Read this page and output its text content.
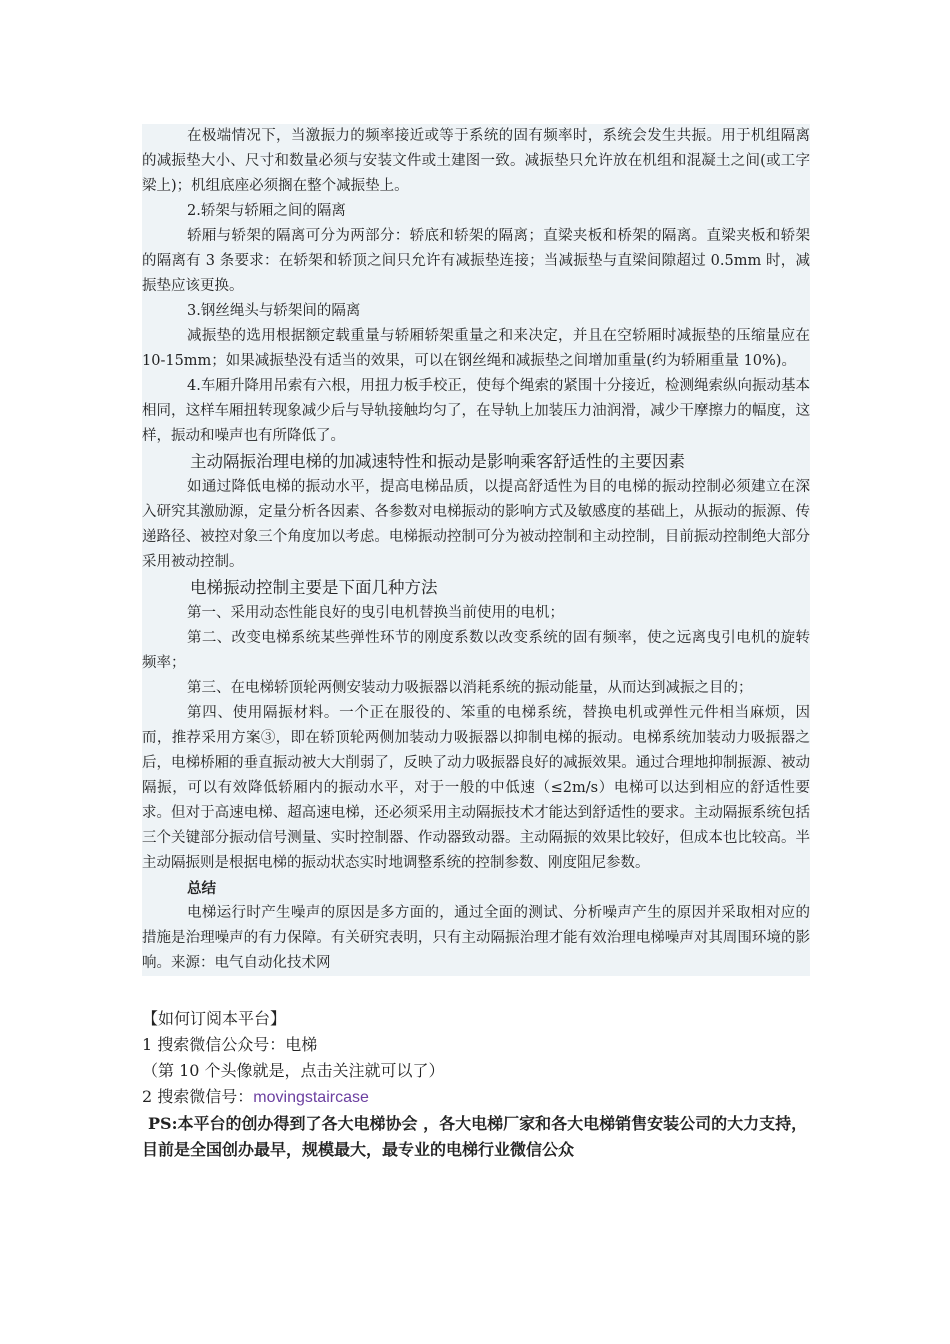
在极端情况下，当激振力的频率接近或等于系统的固有频率时，系统会发生共振。用于机组隔离的减振垫大小、尺寸和数量必须与安装文件或土建图一致。减振垫只允许放在机组和混凝土之间(或工字梁上)；机组底座必须搁在整个减振垫上。

2.轿架与轿厢之间的隔离

轿厢与轿架的隔离可分为两部分：轿底和轿架的隔离；直梁夹板和桥架的隔离。直梁夹板和轿架的隔离有 3 条要求：在轿架和轿顶之间只允许有减振垫连接；当减振垫与直梁间隙超过 0.5mm 时，减振垫应该更换。

3.钢丝绳头与轿架间的隔离

减振垫的选用根据额定载重量与轿厢轿架重量之和来决定，并且在空轿厢时减振垫的压缩量应在 10-15mm；如果减振垫没有适当的效果，可以在钢丝绳和减振垫之间增加重量(约为轿厢重量 10%)。

4.车厢升降用吊索有六根，用扭力板手校正，使每个绳索的紧围十分接近，检测绳索纵向振动基本相同，这样车厢扭转现象减少后与导轨接触均匀了，在导轨上加装压力油润滑，减少干摩擦力的幅度，这样，振动和噪声也有所降低了。

主动隔振治理电梯的加减速特性和振动是影响乘客舒适性的主要因素

如通过降低电梯的振动水平，提高电梯品质，以提高舒适性为目的电梯的振动控制必须建立在深入研究其激励源，定量分析各因素、各参数对电梯振动的影响方式及敏感度的基础上，从振动的振源、传递路径、被控对象三个角度加以考虑。电梯振动控制可分为被动控制和主动控制，目前振动控制绝大部分采用被动控制。

电梯振动控制主要是下面几种方法

第一、采用动态性能良好的曳引电机替换当前使用的电机；

第二、改变电梯系统某些弹性环节的刚度系数以改变系统的固有频率，使之远离曳引电机的旋转频率；

第三、在电梯轿顶轮两侧安装动力吸振器以消耗系统的振动能量，从而达到减振之目的；

第四、使用隔振材料。一个正在服役的、笨重的电梯系统，替换电机或弹性元件相当麻烦，因而，推荐采用方案③，即在轿顶轮两侧加装动力吸振器以抑制电梯的振动。电梯系统加装动力吸振器之后，电梯桥厢的垂直振动被大大削弱了，反映了动力吸振器良好的减振效果。通过合理地抑制振源、被动隔振，可以有效降低轿厢内的振动水平，对于一般的中低速（≤2m/s）电梯可以达到相应的舒适性要求。但对于高速电梯、超高速电梯，还必须采用主动隔振技术才能达到舒适性的要求。主动隔振系统包括三个关键部分振动信号测量、实时控制器、作动器致动器。主动隔振的效果比较好，但成本也比较高。半主动隔振则是根据电梯的振动状态实时地调整系统的控制参数、刚度阻尼参数。

总结

电梯运行时产生噪声的原因是多方面的，通过全面的测试、分析噪声产生的原因并采取相对应的措施是治理噪声的有力保障。有关研究表明，只有主动隔振治理才能有效治理电梯噪声对其周围环境的影响。来源：电气自动化技术网

【如何订阅本平台】

1 搜索微信公众号：电梯

（第 10 个头像就是，点击关注就可以了）

2 搜索微信号：movingstaircase

PS:本平台的创办得到了各大电梯协会 ，各大电梯厂家和各大电梯销售安装公司的大力支持， 目前是全国创办最早，规模最大，最专业的电梯行业微信公众
